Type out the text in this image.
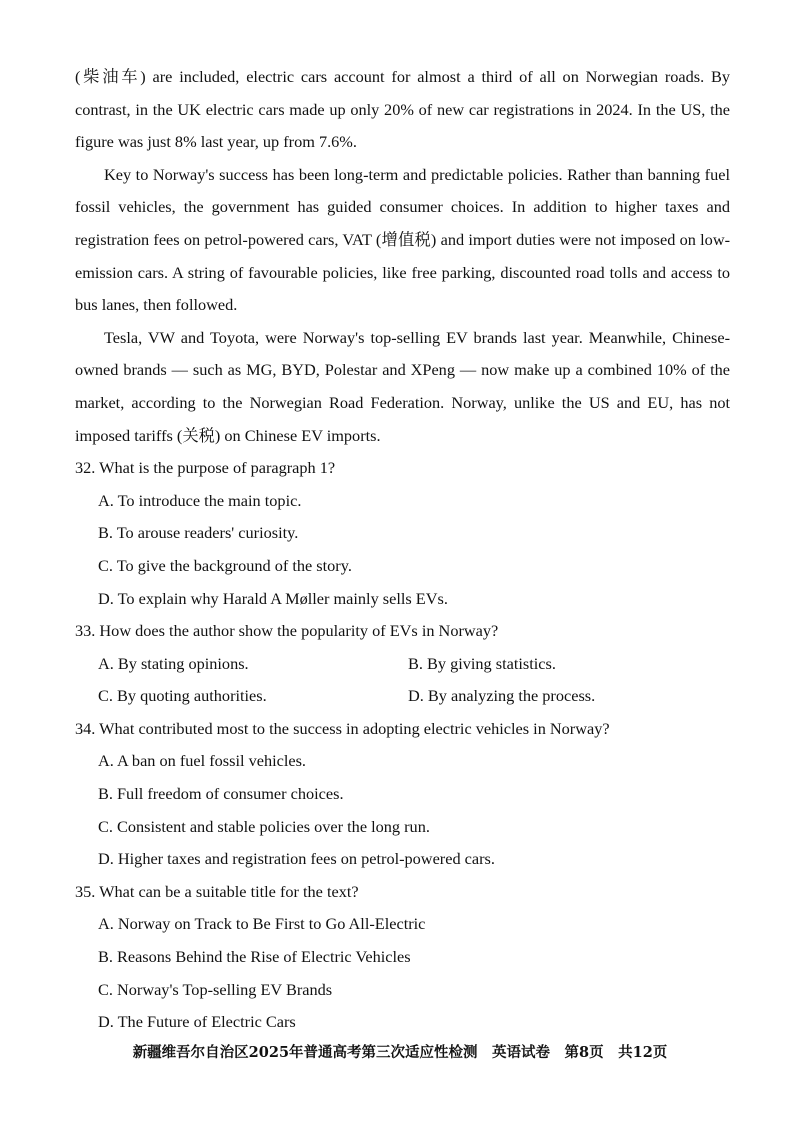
(柴油车) are included, electric cars account for almost a third of all on Norwegian roads. By contrast, in the UK electric cars made up only 20% of new car registrations in 2024. In the US, the figure was just 8% last year, up from 7.6%.

Key to Norway's success has been long-term and predictable policies. Rather than banning fuel fossil vehicles, the government has guided consumer choices. In addition to higher taxes and registration fees on petrol-powered cars, VAT (增值税) and import duties were not imposed on low-emission cars. A string of favourable policies, like free parking, discounted road tolls and access to bus lanes, then followed.

Tesla, VW and Toyota, were Norway's top-selling EV brands last year. Meanwhile, Chinese-owned brands — such as MG, BYD, Polestar and XPeng — now make up a combined 10% of the market, according to the Norwegian Road Federation. Norway, unlike the US and EU, has not imposed tariffs (关税) on Chinese EV imports.

32. What is the purpose of paragraph 1?

A. To introduce the main topic.

B. To arouse readers' curiosity.

C. To give the background of the story.

D. To explain why Harald A Møller mainly sells EVs.

33. How does the author show the popularity of EVs in Norway?

A. By stating opinions.	B. By giving statistics.
C. By quoting authorities.	D. By analyzing the process.

34. What contributed most to the success in adopting electric vehicles in Norway?

A. A ban on fuel fossil vehicles.

B. Full freedom of consumer choices.

C. Consistent and stable policies over the long run.

D. Higher taxes and registration fees on petrol-powered cars.

35. What can be a suitable title for the text?

A. Norway on Track to Be First to Go All-Electric

B. Reasons Behind the Rise of Electric Vehicles

C. Norway's Top-selling EV Brands

D. The Future of Electric Cars

新疆维吾尔自治区2025年普通高考第三次适应性检测　英语试卷　第8页　共12页
